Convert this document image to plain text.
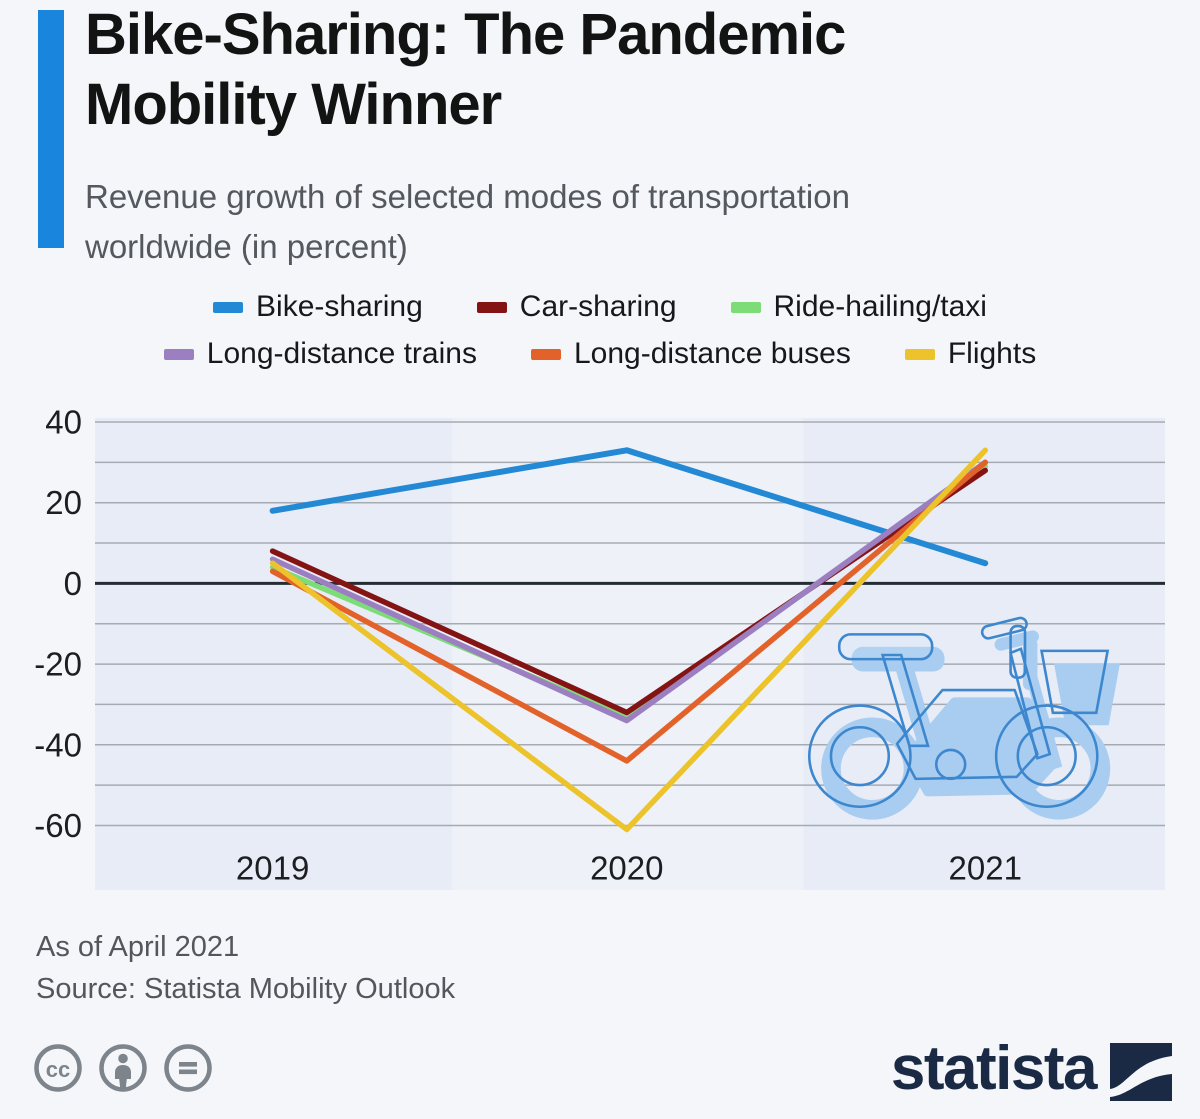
Bike-Sharing: The Pandemic Mobility Winner

Revenue growth of selected modes of transportation worldwide (in percent)

Bike-sharing	Car-sharing	Ride-hailing/taxi
Long-distance trains	Long-distance buses	Flights
40
20
0
-20
-40
-60
2019	2020	2021

As of April 2021

Source: Statista Mobility Outlook

cc	statista
